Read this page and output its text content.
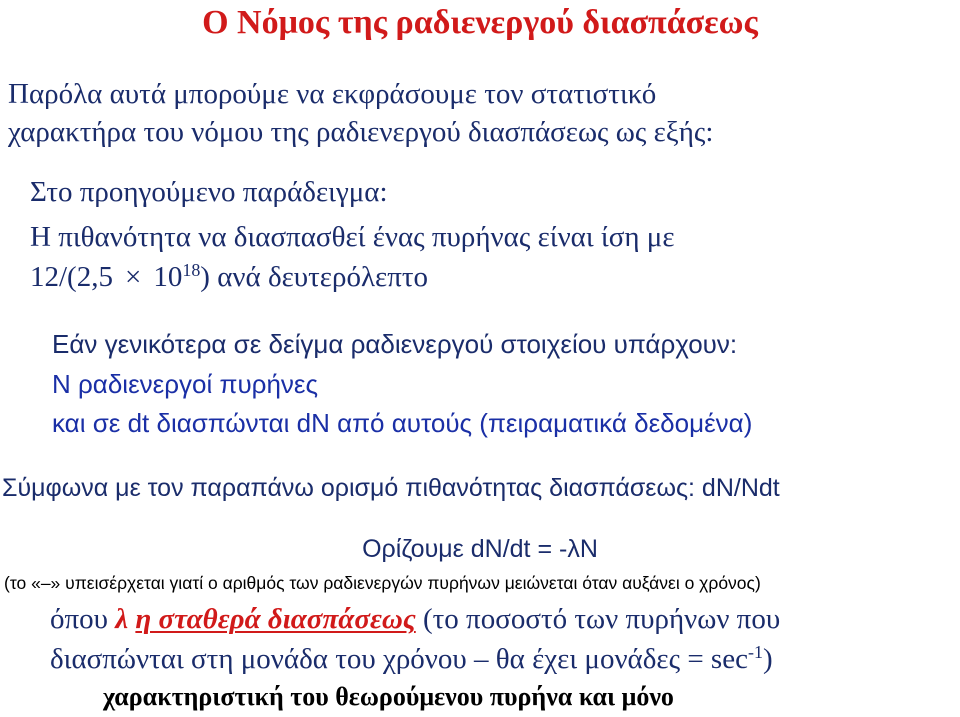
Ο Νόμος της ραδιενεργού διασπάσεως
Παρόλα αυτά μπορούμε να εκφράσουμε τον στατιστικό
χαρακτήρα του νόμου της ραδιενεργού διασπάσεως ως εξής:
Στο προηγούμενο παράδειγμα:
Η πιθανότητα να διασπασθεί ένας πυρήνας είναι ίση με
$12/(2,5 \times 10^{18})$ ανά δευτερόλεπτο
Εάν γενικότερα σε δείγμα ραδιενεργού στοιχείου υπάρχουν:
Ν ραδιενεργοί πυρήνες
και σε dt διασπώνται dN από αυτούς (πειραματικά δεδομένα)
Σύμφωνα με τον παραπάνω ορισμό πιθανότητας διασπάσεως: dN/Ndt
Ορίζουμε dN/dt = -λΝ
(το «–» υπεισέρχεται γιατί ο αριθμός των ραδιενεργών πυρήνων μειώνεται όταν αυξάνει ο χρόνος)
όπου λ η σταθερά διασπάσεως (το ποσοστό των πυρήνων που
διασπώνται στη μονάδα του χρόνου – θα έχει $\mu o\nu ά\delta\varepsilon\varsigma = \sec^{-1}$)
χαρακτηριστική του θεωρούμενου πυρήνα και μόνο
